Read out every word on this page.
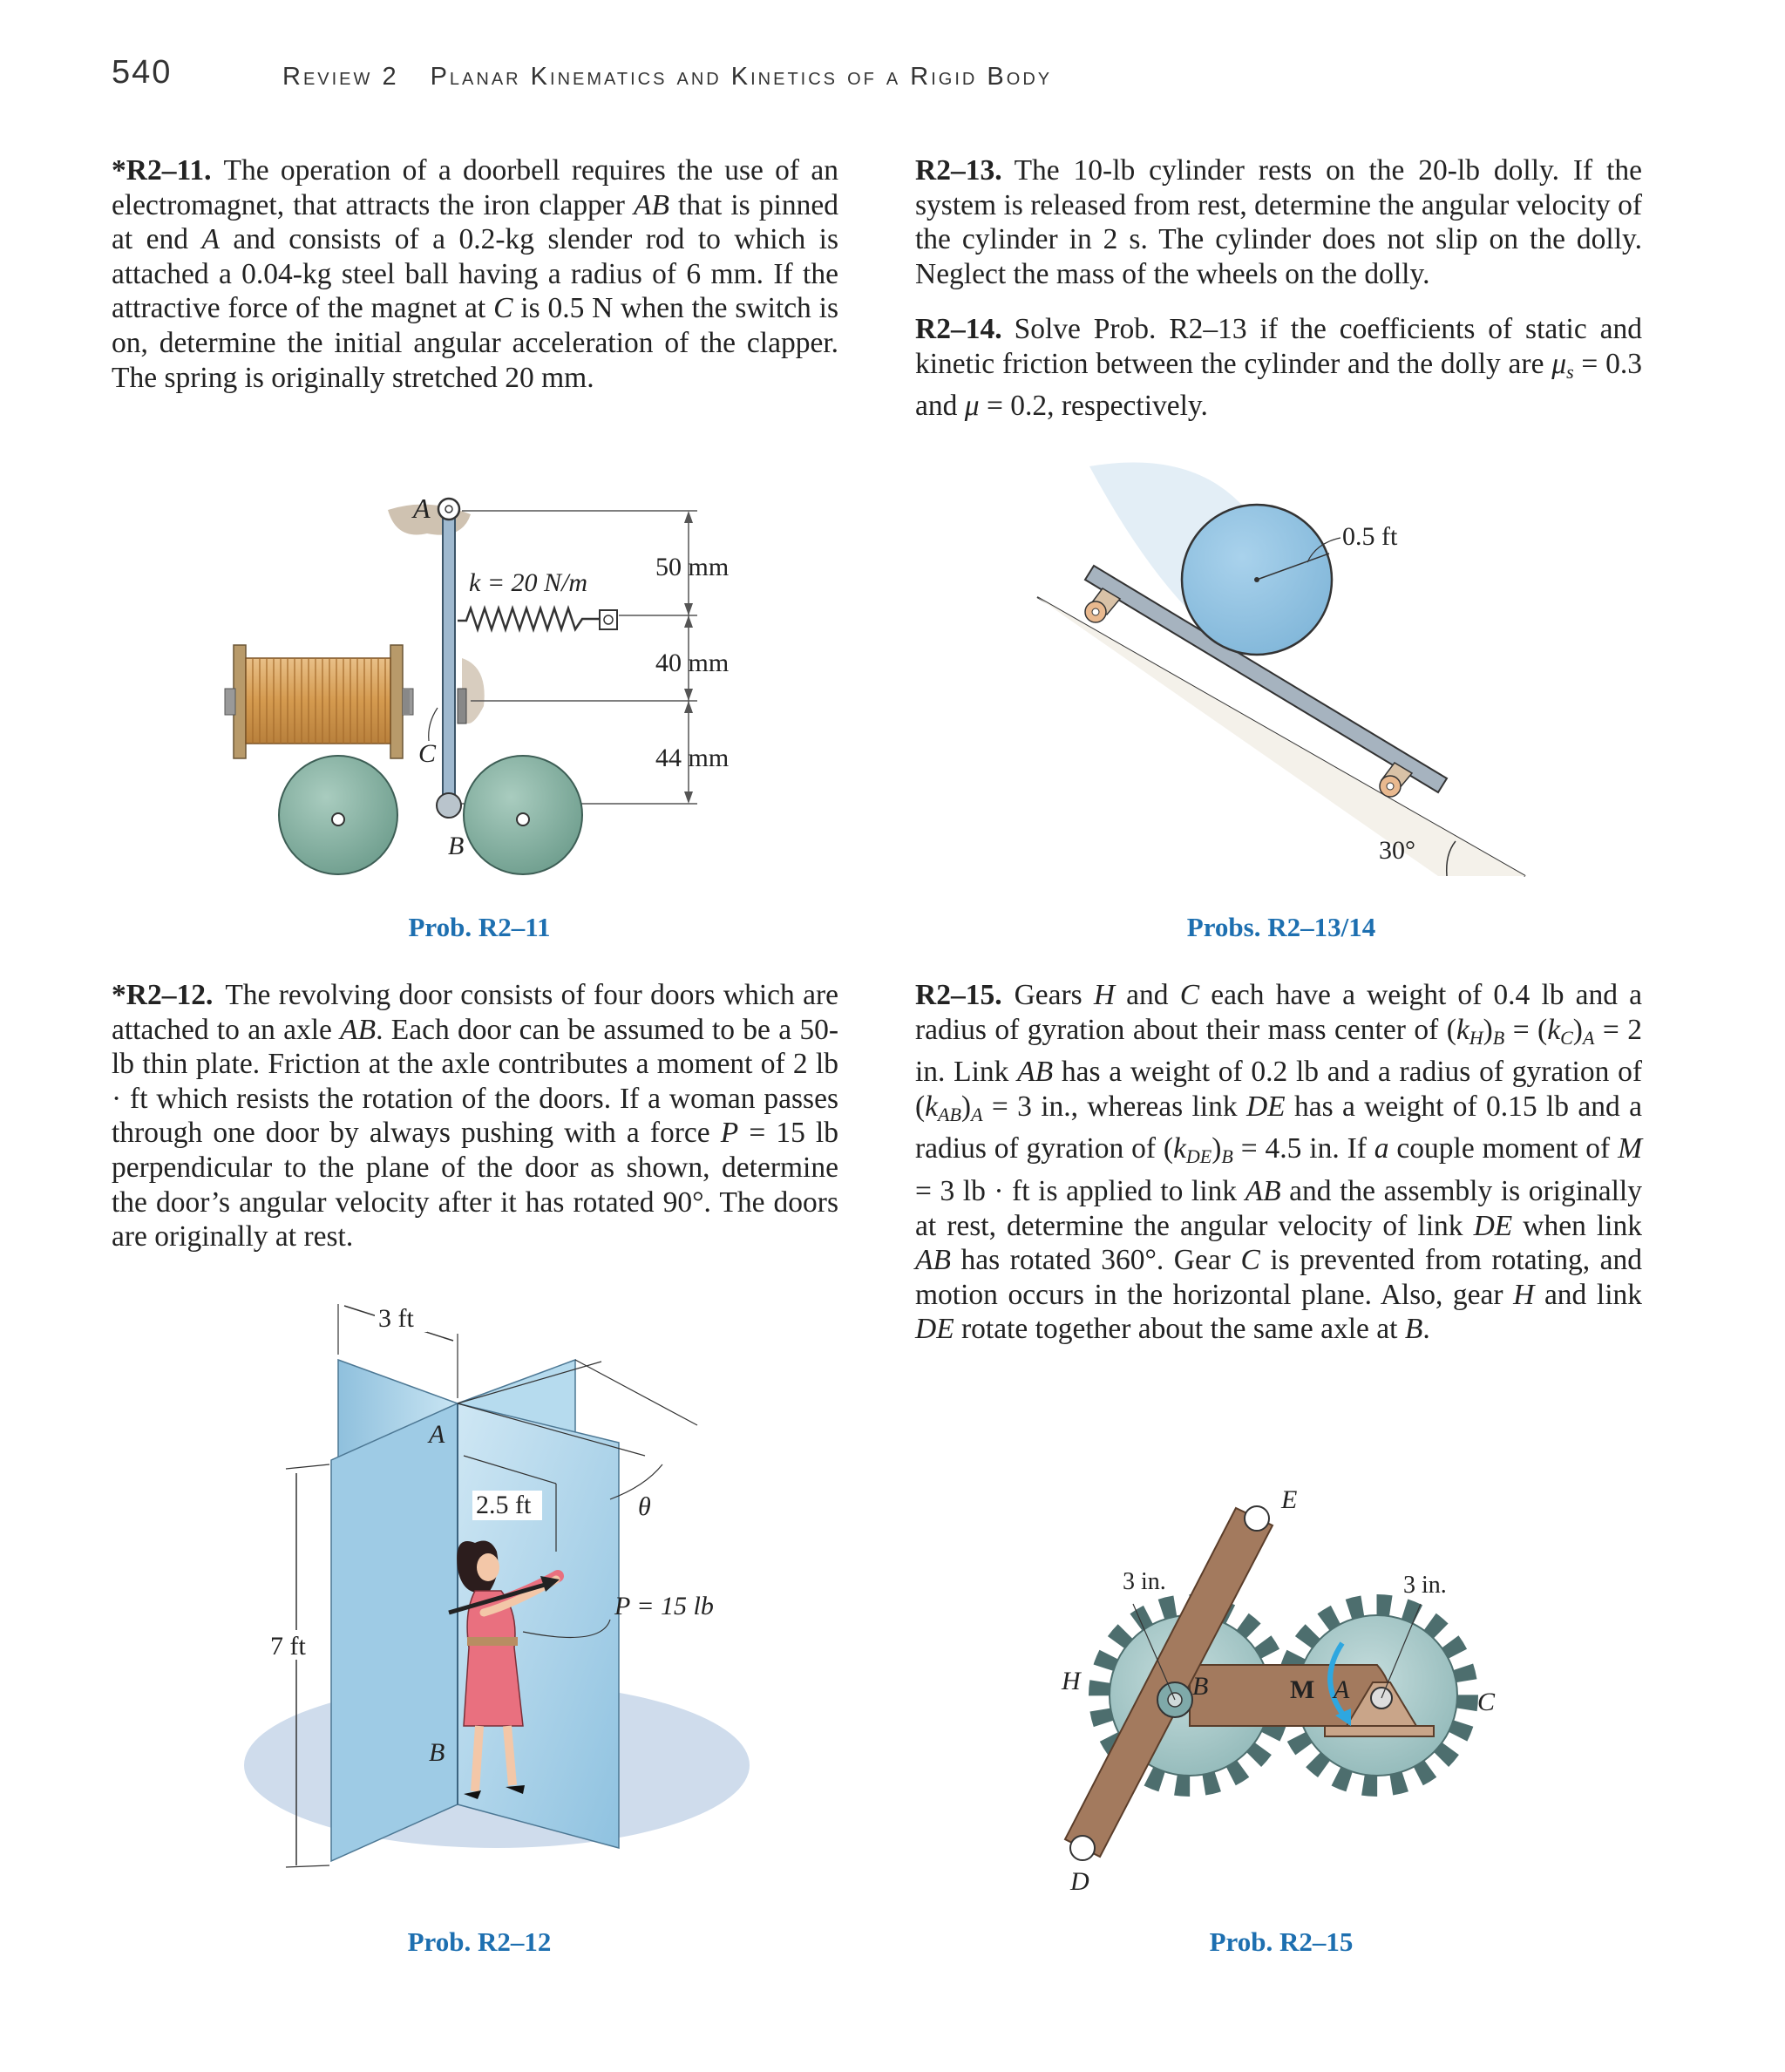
540	Review 2 Planar Kinematics and Kinetics of a Rigid Body
*R2–11. The operation of a doorbell requires the use of an electromagnet, that attracts the iron clapper AB that is pinned at end A and consists of a 0.2-kg slender rod to which is attached a 0.04-kg steel ball having a radius of 6 mm. If the attractive force of the magnet at C is 0.5 N when the switch is on, determine the initial angular acceleration of the clapper. The spring is originally stretched 20 mm.
R2–13. The 10-lb cylinder rests on the 20-lb dolly. If the system is released from rest, determine the angular velocity of the cylinder in 2 s. The cylinder does not slip on the dolly. Neglect the mass of the wheels on the dolly.
R2–14. Solve Prob. R2–13 if the coefficients of static and kinetic friction between the cylinder and the dolly are $\mu_s = 0.3$ and μ = 0.2, respectively.
50 mm
40 mm
44 mm
k = 20 N/m
A
C
B
Prob. R2–11
30°
0.5 ft
Probs. R2–13/14
*R2–12. The revolving door consists of four doors which are attached to an axle AB. Each door can be assumed to be a 50-lb thin plate. Friction at the axle contributes a moment of 2 lb · ft which resists the rotation of the doors. If a woman passes through one door by always pushing with a force P = 15 lb perpendicular to the plane of the door as shown, determine the door’s angular velocity after it has rotated 90°. The doors are originally at rest.
R2–15. Gears H and C each have a weight of 0.4 lb and a radius of gyration about their mass center of $(k_H)_B = (k_C)_A = 2$ in. Link AB has a weight of 0.2 lb and a radius of gyration of $(k_{AB})_A = 3$ in., whereas link DE has a weight of 0.15 lb and a radius of gyration of $(k_{DE})_B = 4.5$ in. If a couple moment of M = 3 lb · ft is applied to link AB and the assembly is originally at rest, determine the angular velocity of link DE when link AB has rotated 360°. Gear C is prevented from rotating, and motion occurs in the horizontal plane. Also, gear H and link DE rotate together about the same axle at B.
A
B
3 ft
7 ft
θ
2.5 ft
P = 15 lb
Prob. R2–12
3 in.	3 in.
E
D
H	B	M A	C
Prob. R2–15
